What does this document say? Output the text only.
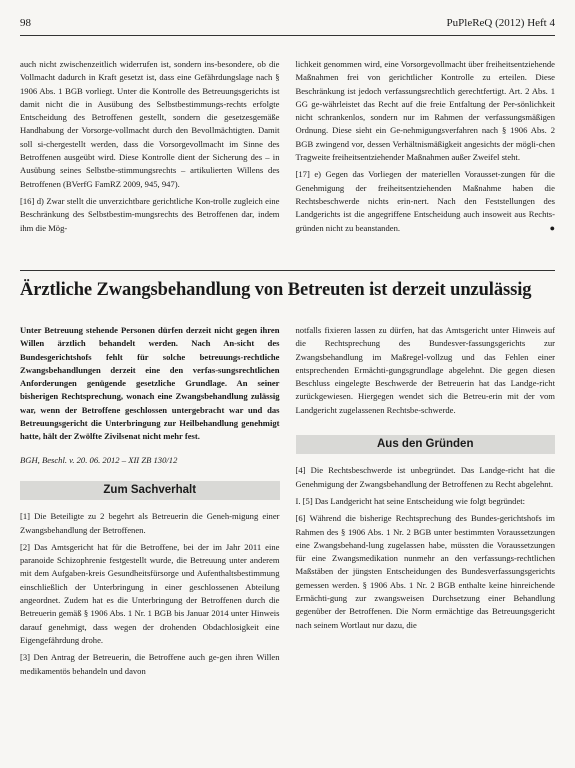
98	PuPleReQ (2012) Heft 4

auch nicht zwischenzeitlich widerrufen ist, sondern ins-besondere, ob die Vollmacht dadurch in Kraft gesetzt ist, dass eine Gefährdungslage nach § 1906 Abs. 1 BGB vorliegt. Unter die Kontrolle des Betreuungsgerichts ist damit nicht die in Ausübung des Selbstbestimmungs-rechts erfolgte Entscheidung des Betroffenen gestellt, sondern die gesetzesgemäße Handhabung der Vorsorge-vollmacht durch den Bevollmächtigten. Damit soll si-chergestellt werden, dass die Vorsorgevollmacht im Sinne des Betroffenen ausgeübt wird. Diese Kontrolle dient der Sicherung des – in Ausübung seines Selbstbe-stimmungsrechts – artikulierten Willens des Betroffenen (BVerfG FamRZ 2009, 945, 947).

[16] d) Zwar stellt die unverzichtbare gerichtliche Kon-trolle zugleich eine Beschränkung des Selbstbestim-mungsrechts des Betroffenen dar, indem ihm die Mög-

lichkeit genommen wird, eine Vorsorgevollmacht über freiheitsentziehende Maßnahmen frei von gerichtlicher Kontrolle zu erteilen. Diese Beschränkung ist jedoch verfassungsrechtlich gerechtfertigt. Art. 2 Abs. 1 GG ge-währleistet das Recht auf die freie Entfaltung der Per-sönlichkeit nicht schrankenlos, sondern nur im Rahmen der verfassungsmäßigen Ordnung. Diese sieht ein Ge-nehmigungsverfahren nach § 1906 Abs. 2 BGB zwingend vor, dessen Verhältnismäßigkeit angesichts der mögli-chen Tragweite freiheitsentziehender Maßnahmen außer Zweifel steht.

[17] e) Gegen das Vorliegen der materiellen Vorausset-zungen für die Genehmigung der freiheitsentziehenden Maßnahme haben die Rechtsbeschwerde nichts erin-nert. Nach den Feststellungen des Landgerichts ist die angegriffene Entscheidung auch insoweit aus Rechts-gründen nicht zu beanstanden.	●

Ärztliche Zwangsbehandlung von Betreuten ist derzeit unzulässig

Unter Betreuung stehende Personen dürfen derzeit nicht gegen ihren Willen ärztlich behandelt werden. Nach An-sicht des Bundesgerichtshofs fehlt für solche betreuungs-rechtliche Zwangsbehandlungen derzeit eine den verfas-sungsrechtlichen Anforderungen genügende gesetzliche Grundlage. An seiner bisherigen Rechtsprechung, wonach eine Zwangsbehandlung zulässig war, wenn der Betroffene geschlossen untergebracht war und das Betreuungsgericht die Unterbringung zur Heilbehandlung genehmigt hatte, hält der Zwölfte Zivilsenat nicht mehr fest.

BGH, Beschl. v. 20. 06. 2012 – XII ZB 130/12

Zum Sachverhalt

[1] Die Beteiligte zu 2 begehrt als Betreuerin die Geneh-migung einer Zwangsbehandlung der Betroffenen.

[2] Das Amtsgericht hat für die Betroffene, bei der im Jahr 2011 eine paranoide Schizophrenie festgestellt wurde, die Betreuung unter anderem mit dem Aufgaben-kreis Gesundheitsfürsorge und Aufenthaltsbestimmung einschließlich der Unterbringung in einer geschlossenen Abteilung angeordnet. Zudem hat es die Unterbringung der Betroffenen durch die Betreuerin gemäß § 1906 Abs. 1 Nr. 1 BGB bis Januar 2014 unter Hinweis darauf genehmigt, dass wegen der drohenden Obdachlosigkeit eine Eigengefährdung drohe.

[3] Den Antrag der Betreuerin, die Betroffene auch ge-gen ihren Willen medikamentös behandeln und davon

notfalls fixieren lassen zu dürfen, hat das Amtsgericht unter Hinweis auf die Rechtsprechung des Bundesver-fassungsgerichts zur Zwangsbehandlung im Maßregel-vollzug und das Fehlen einer entsprechenden Ermächti-gungsgrundlage abgelehnt. Die gegen diesen Beschluss eingelegte Beschwerde der Betreuerin hat das Landge-richt zurückgewiesen. Hiergegen wendet sich die Betreu-erin mit der vom Landgericht zugelassenen Rechtsbe-schwerde.

Aus den Gründen

[4] Die Rechtsbeschwerde ist unbegründet. Das Landge-richt hat die Genehmigung der Zwangsbehandlung der Betroffenen zu Recht abgelehnt.

I. [5] Das Landgericht hat seine Entscheidung wie folgt begründet:

[6] Während die bisherige Rechtsprechung des Bundes-gerichtshofs im Rahmen des § 1906 Abs. 1 Nr. 2 BGB unter bestimmten Voraussetzungen eine Zwangsbehand-lung zugelassen habe, müssten die Voraussetzungen für eine Zwangsmedikation nunmehr an den verfassungs-rechtlichen Maßstäben der jüngsten Entscheidungen des Bundesverfassungsgerichts gemessen werden. § 1906 Abs. 1 Nr. 2 BGB enthalte keine hinreichende Ermächti-gung zur zwangsweisen Durchsetzung einer Behandlung gegenüber der Betroffenen. Die Norm ermächtige das Betreuungsgericht nach seinem Wortlaut nur dazu, die
